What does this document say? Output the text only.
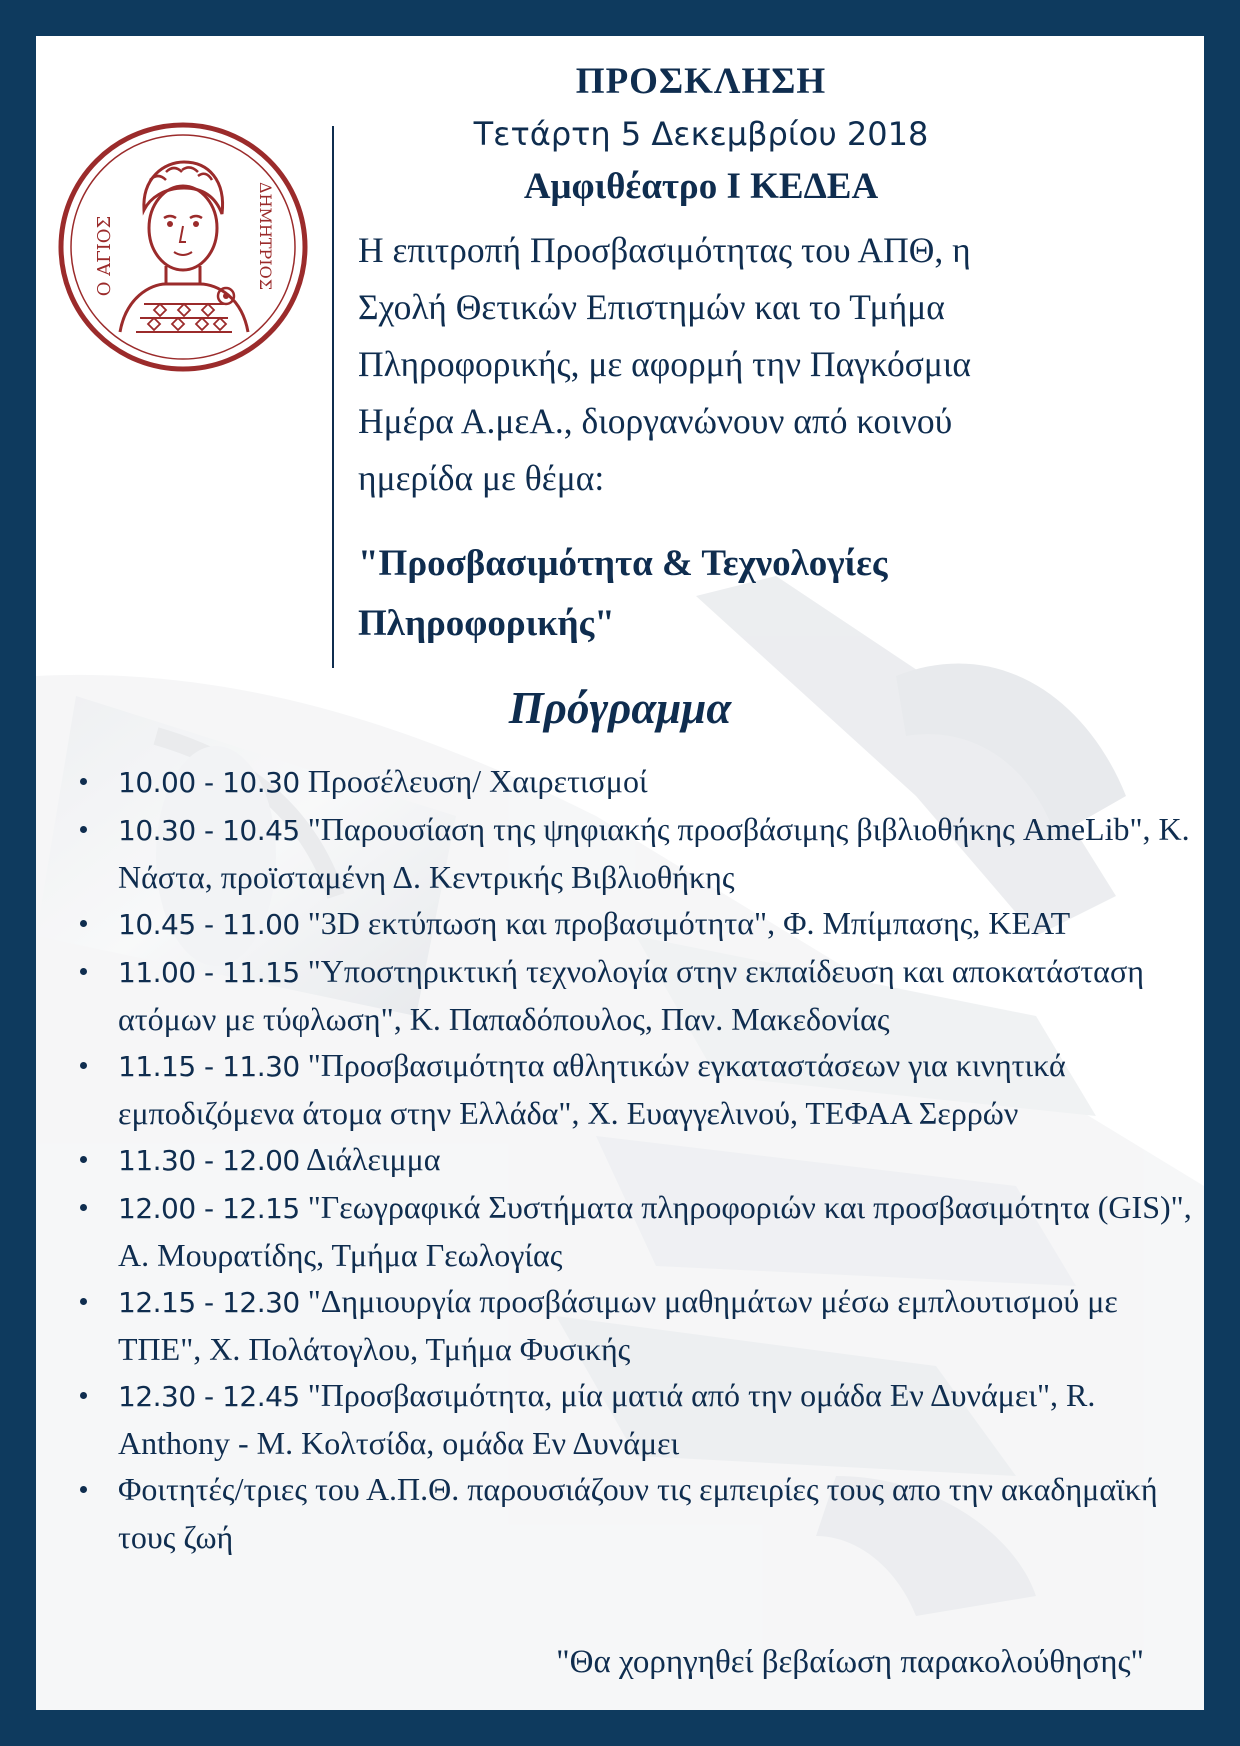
Ο ΑΓΙΟΣ	ΔΗΜΗΤΡΙΟΣ
ΠΡΟΣΚΛΗΣΗ
Τετάρτη 5 Δεκεμβρίου 2018
Αμφιθέατρο Ι ΚΕΔΕΑ
Η επιτροπή Προσβασιμότητας του ΑΠΘ, η
Σχολή Θετικών Επιστημών και το Τμήμα
Πληροφορικής, με αφορμή την Παγκόσμια
Ημέρα Α.μεΑ., διοργανώνουν από κοινού
ημερίδα με θέμα:
"Προσβασιμότητα & Τεχνολογίες
Πληροφορικής"
Πρόγραμμα
10.00 - 10.30 Προσέλευση/ Χαιρετισμοί
10.30 - 10.45 "Παρουσίαση της ψηφιακής προσβάσιμης βιβλιοθήκης AmeLib", Κ. Νάστα, προϊσταμένη Δ. Κεντρικής Βιβλιοθήκης
10.45 - 11.00 "3D εκτύπωση και προβασιμότητα", Φ. Μπίμπασης, ΚΕΑΤ
11.00 - 11.15 "Υποστηρικτική τεχνολογία στην εκπαίδευση και αποκατάσταση ατόμων με τύφλωση", Κ. Παπαδόπουλος, Παν. Μακεδονίας
11.15 - 11.30 "Προσβασιμότητα αθλητικών εγκαταστάσεων για κινητικά εμποδιζόμενα άτομα στην Ελλάδα", Χ. Ευαγγελινού, ΤΕΦΑΑ Σερρών
11.30 - 12.00 Διάλειμμα
12.00 - 12.15 "Γεωγραφικά Συστήματα πληροφοριών και προσβασιμότητα (GIS)", Α. Μουρατίδης, Τμήμα Γεωλογίας
12.15 - 12.30 "Δημιουργία προσβάσιμων μαθημάτων μέσω εμπλουτισμού με ΤΠΕ", Χ. Πολάτογλου, Τμήμα Φυσικής
12.30 - 12.45 "Προσβασιμότητα, μία ματιά από την ομάδα Εν Δυνάμει", R. Anthony - Μ. Κολτσίδα, ομάδα Εν Δυνάμει
Φοιτητές/τριες του Α.Π.Θ. παρουσιάζουν τις εμπειρίες τους απο την ακαδημαϊκή τους ζωή
"Θα χορηγηθεί βεβαίωση παρακολούθησης"
